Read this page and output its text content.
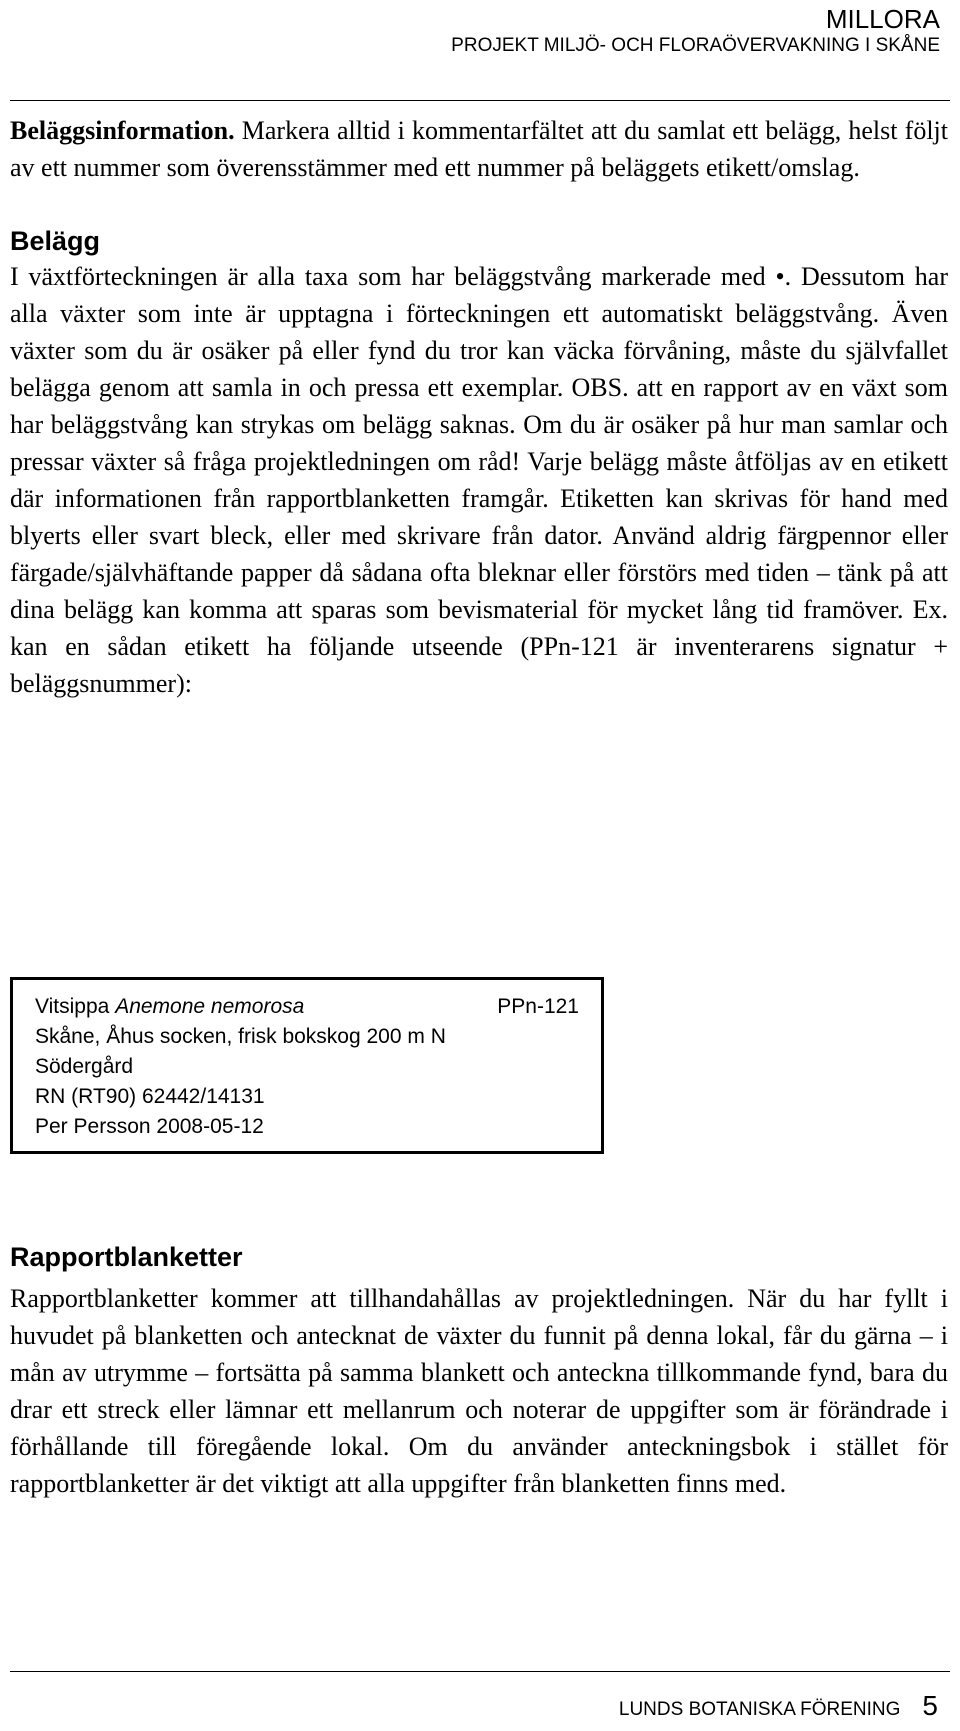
MILLORA
PROJEKT MILJÖ- OCH FLORAÖVERVAKNING I SKÅNE

Beläggsinformation. Markera alltid i kommentarfältet att du samlat ett belägg, helst följt av ett nummer som överensstämmer med ett nummer på beläggets etikett/omslag.

Belägg

I växtförteckningen är alla taxa som har beläggstvång markerade med •. Dessutom har alla växter som inte är upptagna i förteckningen ett automatiskt beläggstvång. Även växter som du är osäker på eller fynd du tror kan väcka förvåning, måste du självfallet belägga genom att samla in och pressa ett exemplar. OBS. att en rapport av en växt som har beläggstvång kan strykas om belägg saknas. Om du är osäker på hur man samlar och pressar växter så fråga projektledningen om råd! Varje belägg måste åtföljas av en etikett där informationen från rapportblanketten framgår. Etiketten kan skrivas för hand med blyerts eller svart bleck, eller med skrivare från dator. Använd aldrig färgpennor eller färgade/självhäftande papper då sådana ofta bleknar eller förstörs med tiden – tänk på att dina belägg kan komma att sparas som bevismaterial för mycket lång tid framöver. Ex. kan en sådan etikett ha följande utseende (PPn-121 är inventerarens signatur + beläggsnummer):

Vitsippa Anemone nemorosa	PPn-121
Skåne, Åhus socken, frisk bokskog 200 m N
Södergård
RN (RT90) 62442/14131
Per Persson 2008-05-12
Rapportblanketter

Rapportblanketter kommer att tillhandahållas av projektledningen. När du har fyllt i huvudet på blanketten och antecknat de växter du funnit på denna lokal, får du gärna – i mån av utrymme – fortsätta på samma blankett och anteckna tillkommande fynd, bara du drar ett streck eller lämnar ett mellanrum och noterar de uppgifter som är förändrade i förhållande till föregående lokal. Om du använder anteckningsbok i stället för rapportblanketter är det viktigt att alla uppgifter från blanketten finns med.

LUNDS BOTANISKA FÖRENING 5
